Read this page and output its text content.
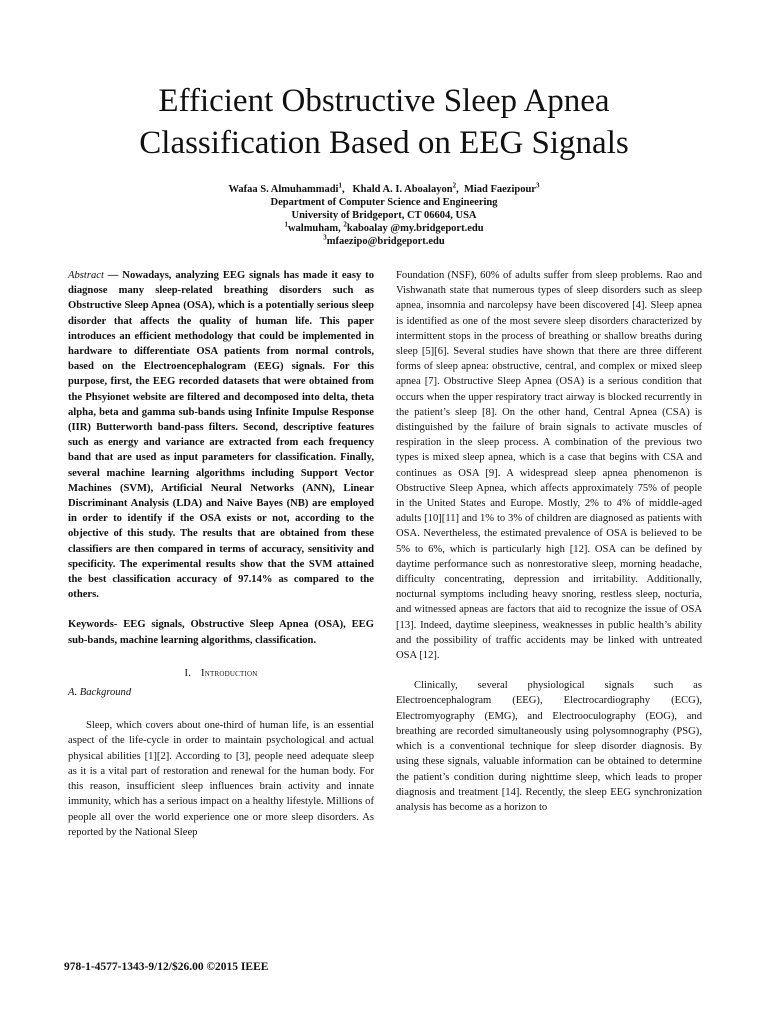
Efficient Obstructive Sleep Apnea
Classification Based on EEG Signals
Wafaa S. Almuhammadi$^1$,   Khald A. I. Aboalayon$^2$,  Miad Faezipour$^3$
Department of Computer Science and Engineering
University of Bridgeport, CT 06604, USA
$^1$walmuham, $^2$kaboalay @my.bridgeport.edu
$^3$mfaezipo@bridgeport.edu

Abstract — Nowadays, analyzing EEG signals has made it easy to diagnose many sleep-related breathing disorders such as Obstructive Sleep Apnea (OSA), which is a potentially serious sleep disorder that affects the quality of human life. This paper introduces an efficient methodology that could be implemented in hardware to differentiate OSA patients from normal controls, based on the Electroencephalogram (EEG) signals. For this purpose, first, the EEG recorded datasets that were obtained from the Phsyionet website are filtered and decomposed into delta, theta alpha, beta and gamma sub-bands using Infinite Impulse Response (IIR) Butterworth band-pass filters. Second, descriptive features such as energy and variance are extracted from each frequency band that are used as input parameters for classification. Finally, several machine learning algorithms including Support Vector Machines (SVM), Artificial Neural Networks (ANN), Linear Discriminant Analysis (LDA) and Naive Bayes (NB) are employed in order to identify if the OSA exists or not, according to the objective of this study. The results that are obtained from these classifiers are then compared in terms of accuracy, sensitivity and specificity. The experimental results show that the SVM attained the best classification accuracy of 97.14% as compared to the others.

Keywords- EEG signals, Obstructive Sleep Apnea (OSA), EEG sub-bands, machine learning algorithms, classification.

I. Introduction

A. Background

Sleep, which covers about one-third of human life, is an essential aspect of the life-cycle in order to maintain psychological and actual physical abilities [1][2]. According to [3], people need adequate sleep as it is a vital part of restoration and renewal for the human body. For this reason, insufficient sleep influences brain activity and innate immunity, which has a serious impact on a healthy lifestyle. Millions of people all over the world experience one or more sleep disorders. As reported by the National Sleep

Foundation (NSF), 60% of adults suffer from sleep problems. Rao and Vishwanath state that numerous types of sleep disorders such as sleep apnea, insomnia and narcolepsy have been discovered [4]. Sleep apnea is identified as one of the most severe sleep disorders characterized by intermittent stops in the process of breathing or shallow breaths during sleep [5][6]. Several studies have shown that there are three different forms of sleep apnea: obstructive, central, and complex or mixed sleep apnea [7]. Obstructive Sleep Apnea (OSA) is a serious condition that occurs when the upper respiratory tract airway is blocked recurrently in the patient’s sleep [8]. On the other hand, Central Apnea (CSA) is distinguished by the failure of brain signals to activate muscles of respiration in the sleep process. A combination of the previous two types is mixed sleep apnea, which is a case that begins with CSA and continues as OSA [9]. A widespread sleep apnea phenomenon is Obstructive Sleep Apnea, which affects approximately 75% of people in the United States and Europe. Mostly, 2% to 4% of middle-aged adults [10][11] and 1% to 3% of children are diagnosed as patients with OSA. Nevertheless, the estimated prevalence of OSA is believed to be 5% to 6%, which is particularly high [12]. OSA can be defined by daytime performance such as nonrestorative sleep, morning headache, difficulty concentrating, depression and irritability. Additionally, nocturnal symptoms including heavy snoring, restless sleep, nocturia, and witnessed apneas are factors that aid to recognize the issue of OSA [13]. Indeed, daytime sleepiness, weaknesses in public health’s ability and the possibility of traffic accidents may be linked with untreated OSA [12].

Clinically, several physiological signals such as Electroencephalogram (EEG), Electrocardiography (ECG), Electromyography (EMG), and Electrooculography (EOG), and breathing are recorded simultaneously using polysomnography (PSG), which is a conventional technique for sleep disorder diagnosis. By using these signals, valuable information can be obtained to determine the patient’s condition during nighttime sleep, which leads to proper diagnosis and treatment [14]. Recently, the sleep EEG synchronization analysis has become as a horizon to

978-1-4577-1343-9/12/$26.00 ©2015 IEEE
